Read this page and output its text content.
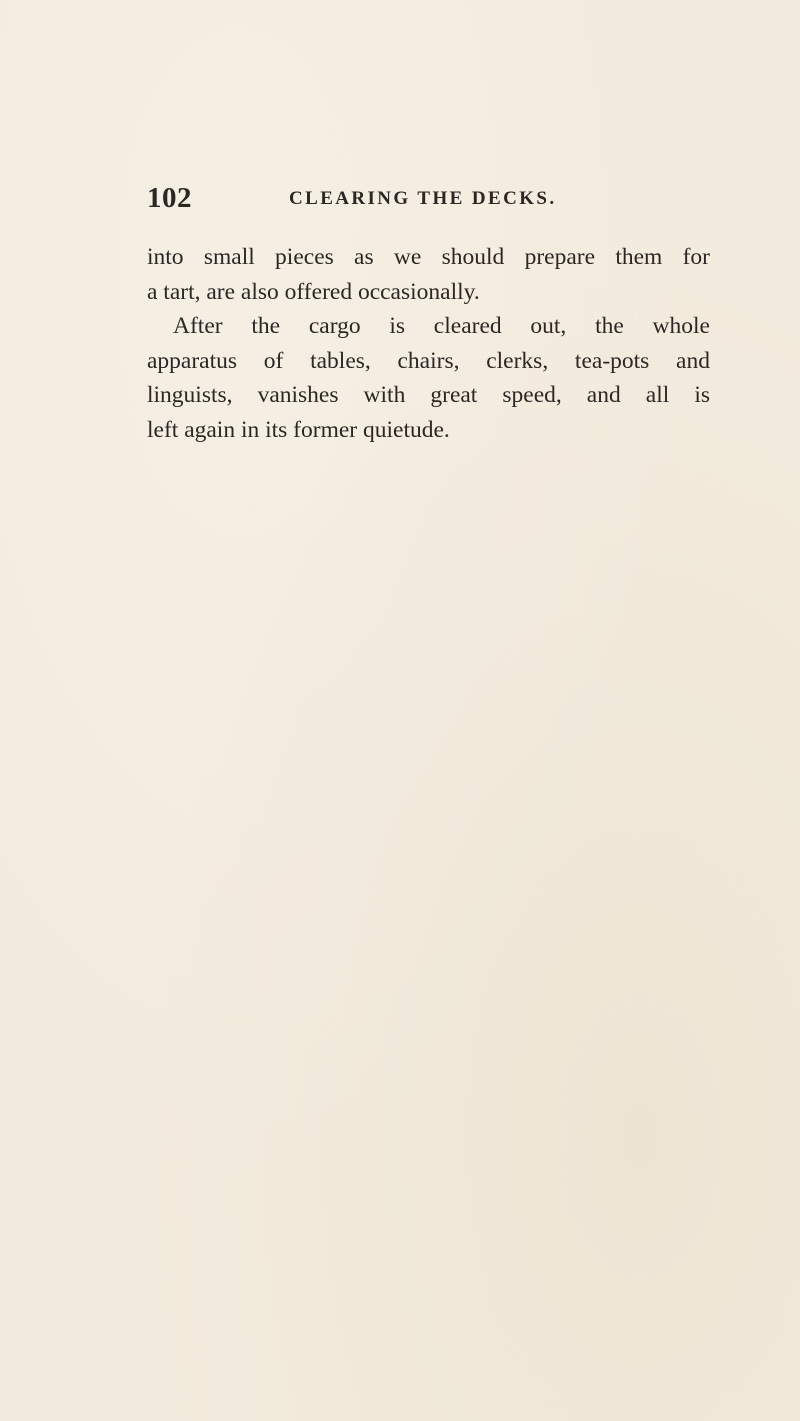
102	CLEARING THE DECKS.

into small pieces as we should prepare them for
a tart, are also offered occasionally.

After the cargo is cleared out, the whole
apparatus of tables, chairs, clerks, tea-pots and
linguists, vanishes with great speed, and all is
left again in its former quietude.
